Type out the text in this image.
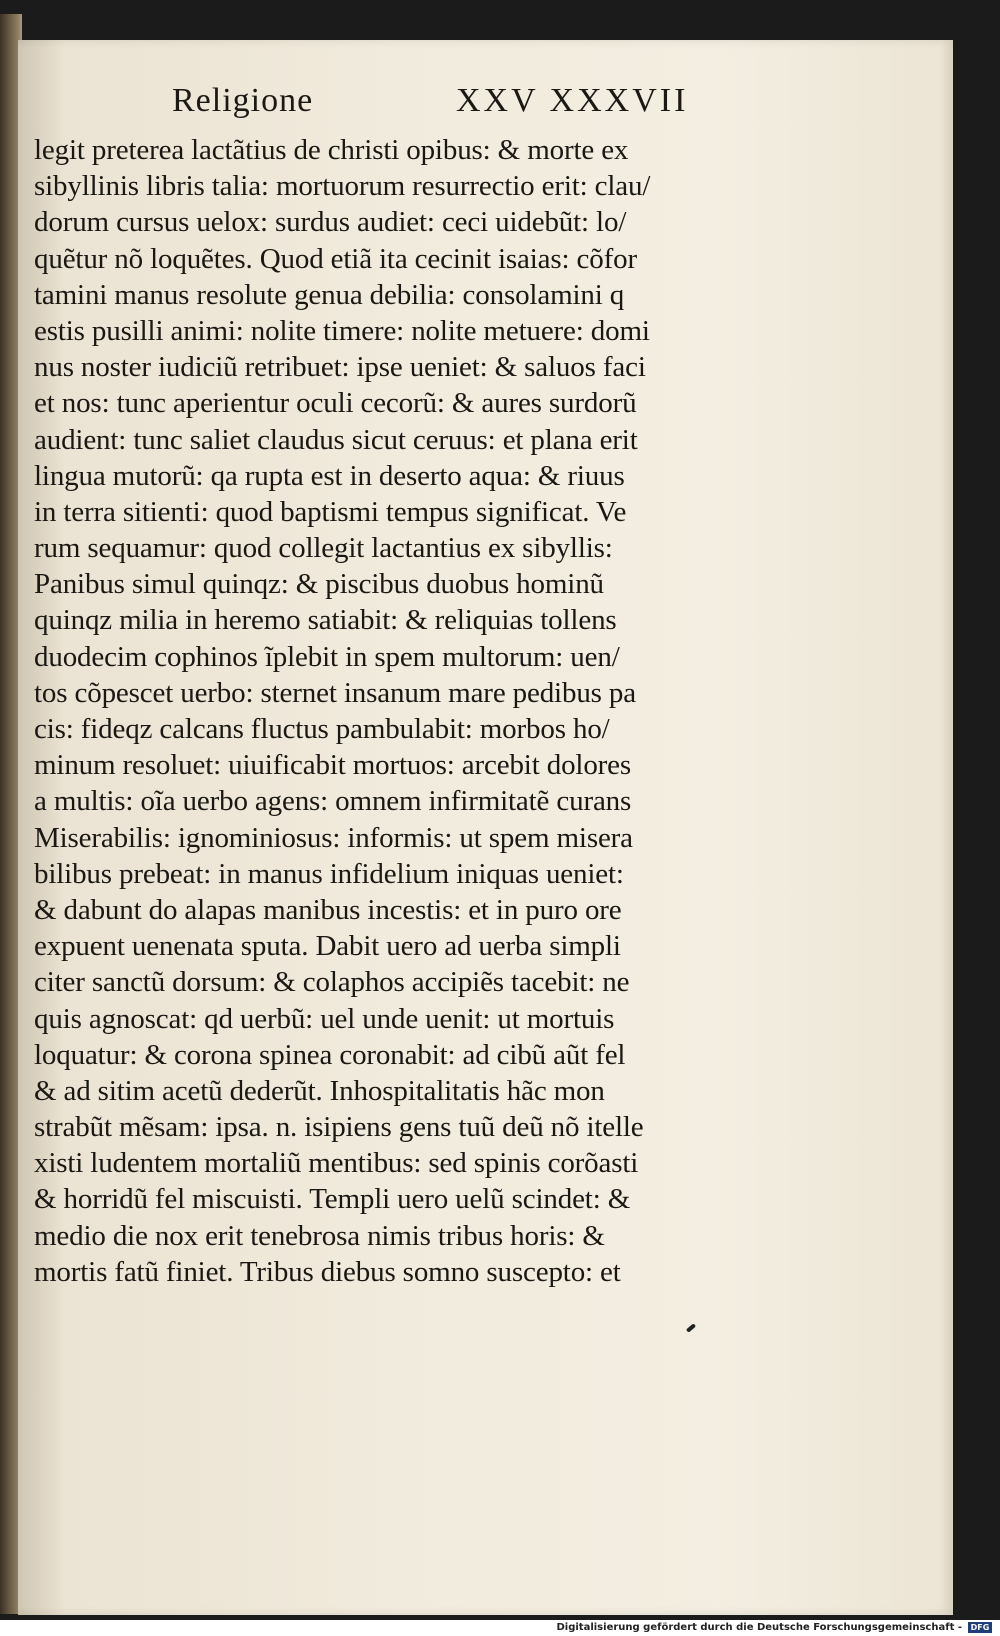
Religione	XXV XXXVII
legit preterea lactãtius de christi opibus: & morte ex
sibyllinis libris talia: mortuorum resurrectio erit: clau/
dorum cursus uelox: surdus audiet: ceci uidebũt: lo/
quẽtur nõ loquẽtes. Quod etiã ita cecinit isaias: cõfor
tamini manus resolute genua debilia: consolamini q
estis pusilli animi: nolite timere: nolite metuere: domi
nus noster iudiciũ retribuet: ipse ueniet: & saluos faci
et nos: tunc aperientur oculi cecorũ: & aures surdorũ
audient: tunc saliet claudus sicut ceruus: et plana erit
lingua mutorũ: qa rupta est in deserto aqua: & riuus
in terra sitienti: quod baptismi tempus significat. Ve
rum sequamur: quod collegit lactantius ex sibyllis:
Panibus simul quinqz: & piscibus duobus hominũ
quinqz milia in heremo satiabit: & reliquias tollens
duodecim cophinos ĩplebit in spem multorum: uen/
tos cõpescet uerbo: sternet insanum mare pedibus pa
cis: fideqz calcans fluctus pambulabit: morbos ho/
minum resoluet: uiuificabit mortuos: arcebit dolores
a multis: oĩa uerbo agens: omnem infirmitatẽ curans
Miserabilis: ignominiosus: informis: ut spem misera
bilibus prebeat: in manus infidelium iniquas ueniet:
& dabunt do alapas manibus incestis: et in puro ore
expuent uenenata sputa. Dabit uero ad uerba simpli
citer sanctũ dorsum: & colaphos accipiẽs tacebit: ne
quis agnoscat: qd uerbũ: uel unde uenit: ut mortuis
loquatur: & corona spinea coronabit: ad cibũ aũt fel
& ad sitim acetũ dederũt. Inhospitalitatis hãc mon
strabũt mẽsam: ipsa. n. isipiens gens tuũ deũ nõ itelle
xisti ludentem mortaliũ mentibus: sed spinis corõasti
& horridũ fel miscuisti. Templi uero uelũ scindet: &
medio die nox erit tenebrosa nimis tribus horis: &
mortis fatũ finiet. Tribus diebus somno suscepto: et
Digitalisierung gefördert durch die Deutsche Forschungsgemeinschaft -	DFG
